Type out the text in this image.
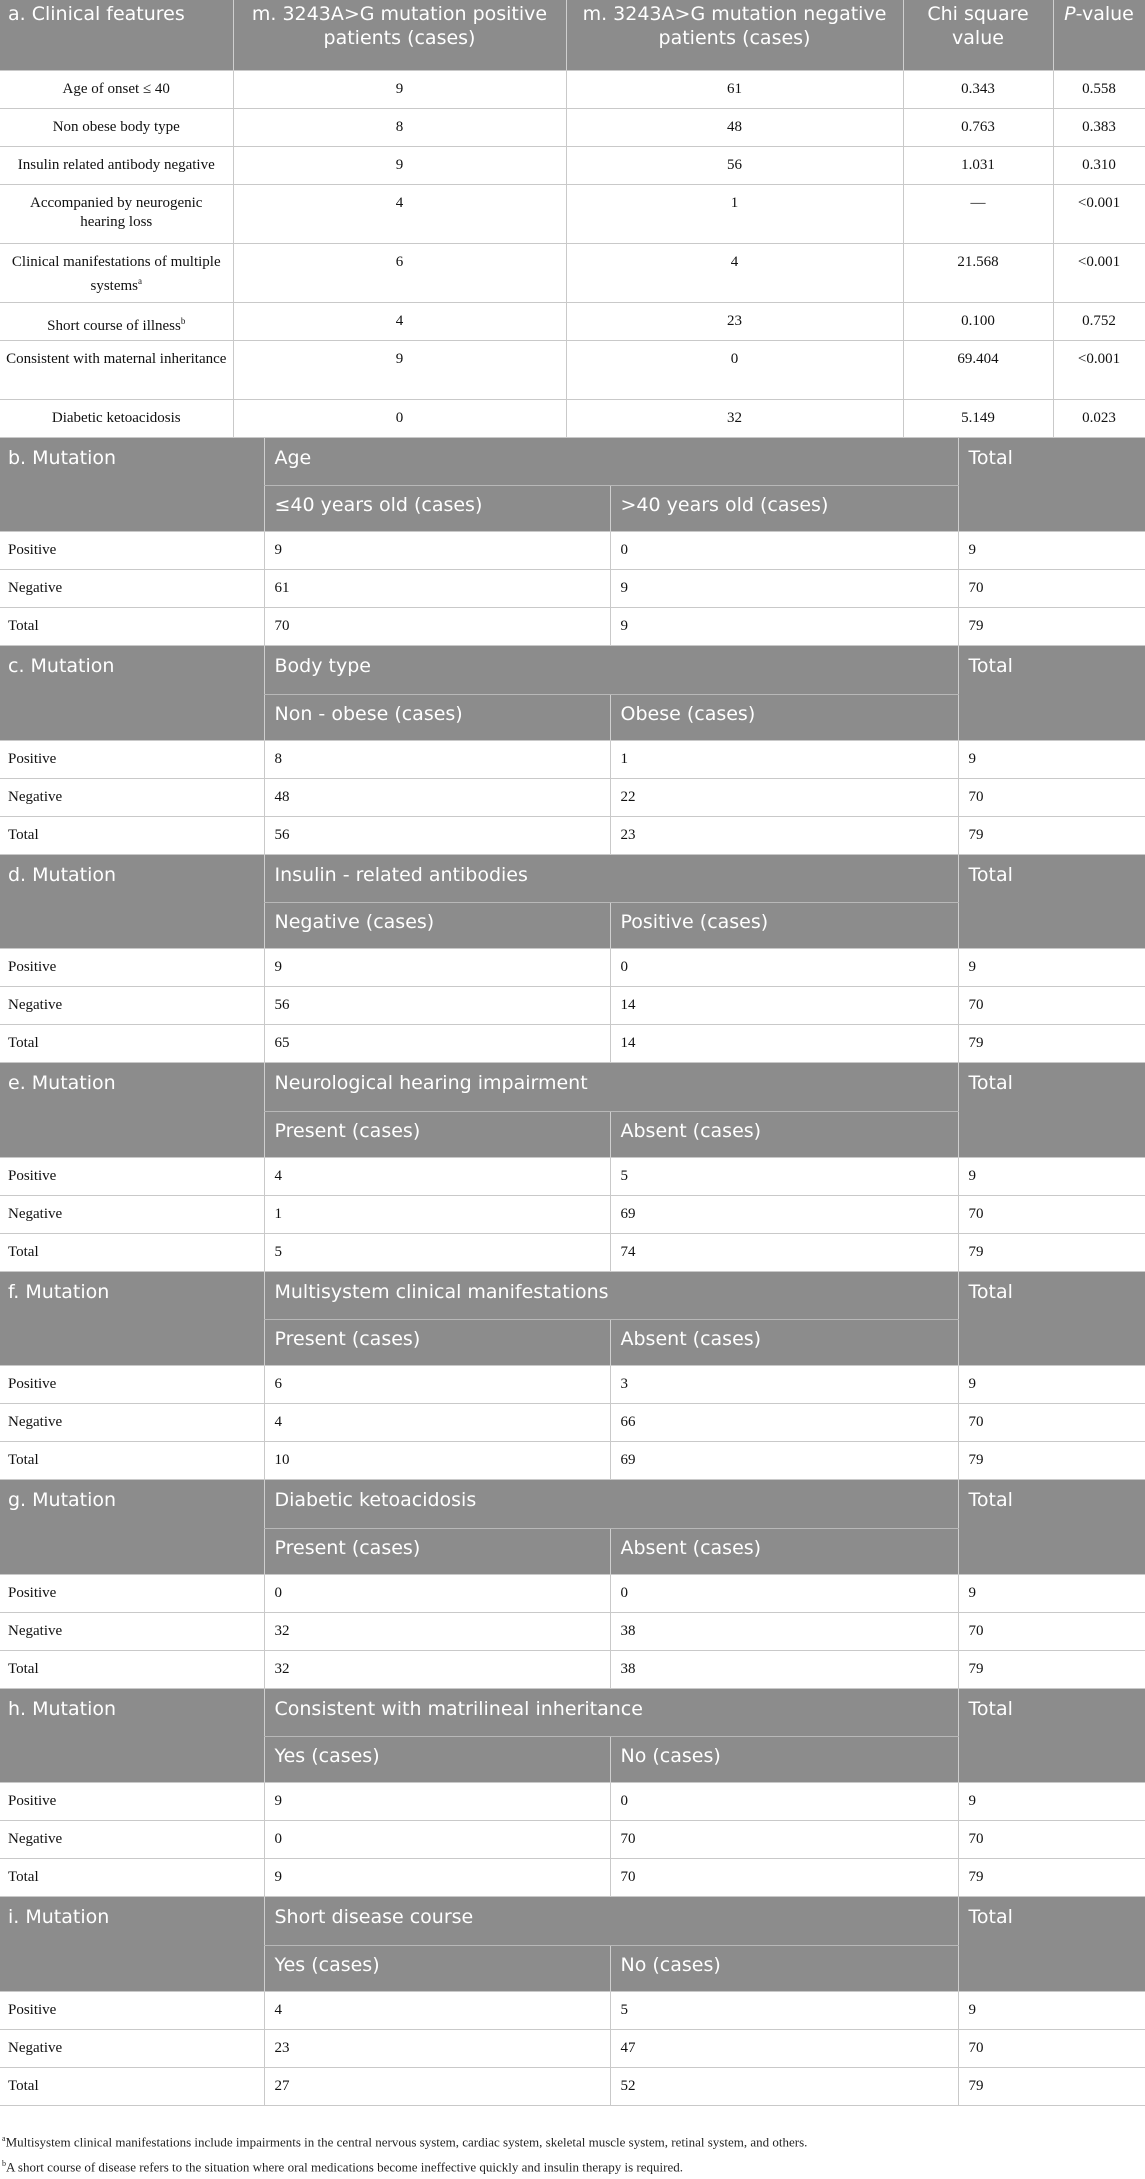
a. Clinical features	m. 3243A>G mutation positive patients (cases)	m. 3243A>G mutation negative patients (cases)	Chi square value	P-value
Age of onset ≤ 40	9	61	0.343	0.558
Non obese body type	8	48	0.763	0.383
Insulin related antibody negative	9	56	1.031	0.310
Accompanied by neurogenic hearing loss	4	1	—	<0.001
Clinical manifestations of multiple systems$^a$	6	4	21.568	<0.001
Short course of illness$^b$	4	23	0.100	0.752
Consistent with maternal inheritance	9	0	69.404	<0.001
Diabetic ketoacidosis	0	32	5.149	0.023
b. Mutation	Age		Total
	≤40 years old (cases)	>40 years old (cases)	
Positive	9	0	9
Negative	61	9	70
Total	70	9	79
c. Mutation	Body type		Total
	Non - obese (cases)	Obese (cases)	
Positive	8	1	9
Negative	48	22	70
Total	56	23	79
d. Mutation	Insulin - related antibodies		Total
	Negative (cases)	Positive (cases)	
Positive	9	0	9
Negative	56	14	70
Total	65	14	79
e. Mutation	Neurological hearing impairment		Total
	Present (cases)	Absent (cases)	
Positive	4	5	9
Negative	1	69	70
Total	5	74	79
f. Mutation	Multisystem clinical manifestations		Total
	Present (cases)	Absent (cases)	
Positive	6	3	9
Negative	4	66	70
Total	10	69	79
g. Mutation	Diabetic ketoacidosis		Total
	Present (cases)	Absent (cases)	
Positive	0	0	9
Negative	32	38	70
Total	32	38	79
h. Mutation	Consistent with matrilineal inheritance		Total
	Yes (cases)	No (cases)	
Positive	9	0	9
Negative	0	70	70
Total	9	70	79
i. Mutation	Short disease course		Total
	Yes (cases)	No (cases)	
Positive	4	5	9
Negative	23	47	70
Total	27	52	79
$^a$Multisystem clinical manifestations include impairments in the central nervous system, cardiac system, skeletal muscle system, retinal system, and others.
$^b$A short course of disease refers to the situation where oral medications become ineffective quickly and insulin therapy is required.
